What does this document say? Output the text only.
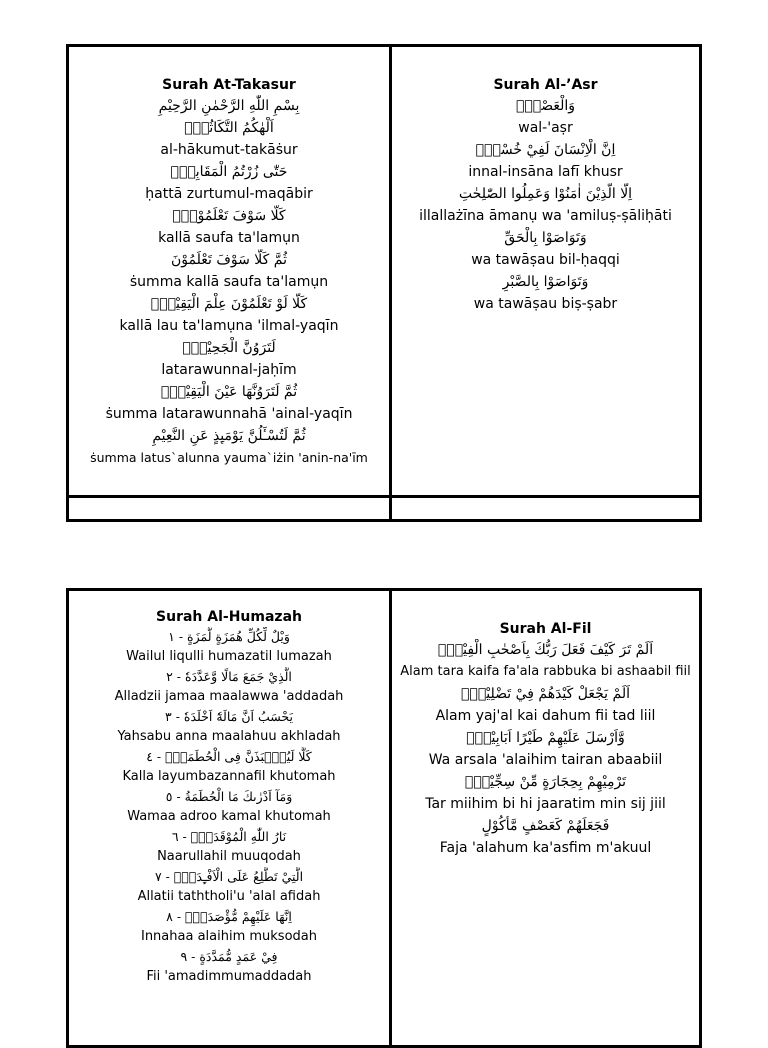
Surah At-Takasur
بِسْمِ اللّٰهِ الرَّحْمٰنِ الرَّحِيْمِ
اَلْهٰكُمُ التَّكَاثُرُۙ
al-hākumut-takāṡur
حَتّٰى زُرْتُمُ الْمَقَابِرَۗ
ḥattā zurtumul-maqābir
كَلَّا سَوْفَ تَعْلَمُوْنَۙ
kallā saufa ta'lamụn
ثُمَّ كَلَّا سَوْفَ تَعْلَمُوْنَ
ṡumma kallā saufa ta'lamụn
كَلَّا لَوْ تَعْلَمُوْنَ عِلْمَ الْيَقِيْنِۗ
kallā lau ta'lamụna 'ilmal-yaqīn
لَتَرَوُنَّ الْجَحِيْمَۙ
latarawunnal-jaḥīm
ثُمَّ لَتَرَوُنَّهَا عَيْنَ الْيَقِيْنِۙ
ṡumma latarawunnahā 'ainal-yaqīn
ثُمَّ لَتُسْـَٔلُنَّ يَوْمَىِٕذٍ عَنِ النَّعِيْمِ
ṡumma latus`alunna yauma`iżin 'anin-na'īm
Surah Al-’Asr
وَالْعَصْرِۙ
wal-'aṣr
اِنَّ الْاِنْسَانَ لَفِيْ خُسْرٍۙ
innal-insāna lafī khusr
اِلَّا الَّذِيْنَ اٰمَنُوْا وَعَمِلُوا الصّٰلِحٰتِ
illallażīna āmanụ wa 'amiluṣ-ṣāliḥāti
وَتَوَاصَوْا بِالْحَقِّ
wa tawāṣau bil-ḥaqqi
وَتَوَاصَوْا بِالصَّبْرِ
wa tawāṣau biṣ-ṣabr
Surah Al-Humazah
وَيْلٌ لِّكُلِّ هُمَزَةٍ لُّمَزَةٍ - ١
Wailul liqulli humazatil lumazah
الَّذِيْ جَمَعَ مَالًا وَّعَدَّدَهٗ - ٢
Alladzii jamaa maalawwa 'addadah
يَحْسَبُ اَنَّ مَالَهٗٓ اَخْلَدَهٗ - ٣
Yahsabu anna maalahuu akhladah
كَلَّا لَيُنْۢبَذَنَّ فِى الْحُطَمَةِۖ - ٤
Kalla layumbazannafil khutomah
وَمَآ اَدْرٰىكَ مَا الْحُطَمَةُ - ٥
Wamaa adroo kamal khutomah
نَارُ اللّٰهِ الْمُوْقَدَةُۙ - ٦
Naarullahil muuqodah
الَّتِيْ تَطَّلِعُ عَلَى الْاَفْـِٕدَةِۗ - ٧
Allatii taththoli'u 'alal afidah
اِنَّهَا عَلَيْهِمْ مُّؤْصَدَةٌۙ - ٨
Innahaa alaihim muksodah
فِيْ عَمَدٍ مُّمَدَّدَةٍ - ٩
Fii 'amadimmumaddadah
Surah Al-Fil
اَلَمْ تَرَ كَيْفَ فَعَلَ رَبُّكَ بِاَصْحٰبِ الْفِيْلِۗ
Alam tara kaifa fa'ala rabbuka bi ashaabil fiil
اَلَمْ يَجْعَلْ كَيْدَهُمْ فِيْ تَضْلِيْلٍۙ
Alam yaj'al kai dahum fii tad liil
وَّاَرْسَلَ عَلَيْهِمْ طَيْرًا اَبَابِيْلَۙ
Wa arsala 'alaihim tairan abaabiil
تَرْمِيْهِمْ بِحِجَارَةٍ مِّنْ سِجِّيْلٍۙ
Tar miihim bi hi jaaratim min sij jiil
فَجَعَلَهُمْ كَعَصْفٍ مَّأْكُوْلٍ
Faja 'alahum ka'asfim m'akuul
